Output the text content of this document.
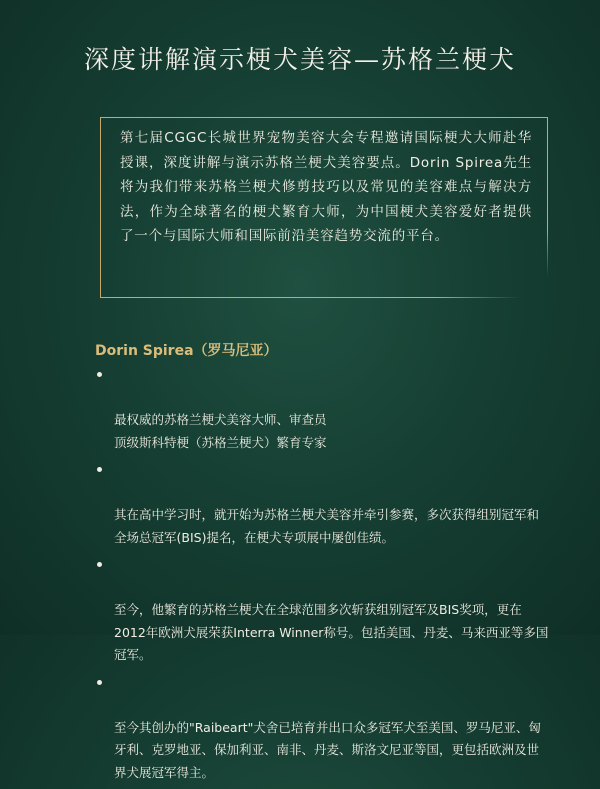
深度讲解演示梗犬美容—苏格兰梗犬
第七届CGGC长城世界宠物美容大会专程邀请国际梗犬大师赴华授课，深度讲解与演示苏格兰梗犬美容要点。Dorin Spirea先生将为我们带来苏格兰梗犬修剪技巧以及常见的美容难点与解决方法，作为全球著名的梗犬繁育大师，为中国梗犬美容爱好者提供了一个与国际大师和国际前沿美容趋势交流的平台。
Dorin Spirea（罗马尼亚）

最权威的苏格兰梗犬美容大师、审查员
顶级斯科特梗（苏格兰梗犬）繁育专家

其在高中学习时，就开始为苏格兰梗犬美容并牵引参赛，多次获得组别冠军和全场总冠军(BIS)提名，在梗犬专项展中屡创佳绩。

至今，他繁育的苏格兰梗犬在全球范围多次斩获组别冠军及BIS奖项，更在2012年欧洲犬展荣获Interra Winner称号。包括美国、丹麦、马来西亚等多国冠军。

至今其创办的"Raibeart"犬舍已培育并出口众多冠军犬至美国、罗马尼亚、匈牙利、克罗地亚、保加利亚、南非、丹麦、斯洛文尼亚等国，更包括欧洲及世界犬展冠军得主。
